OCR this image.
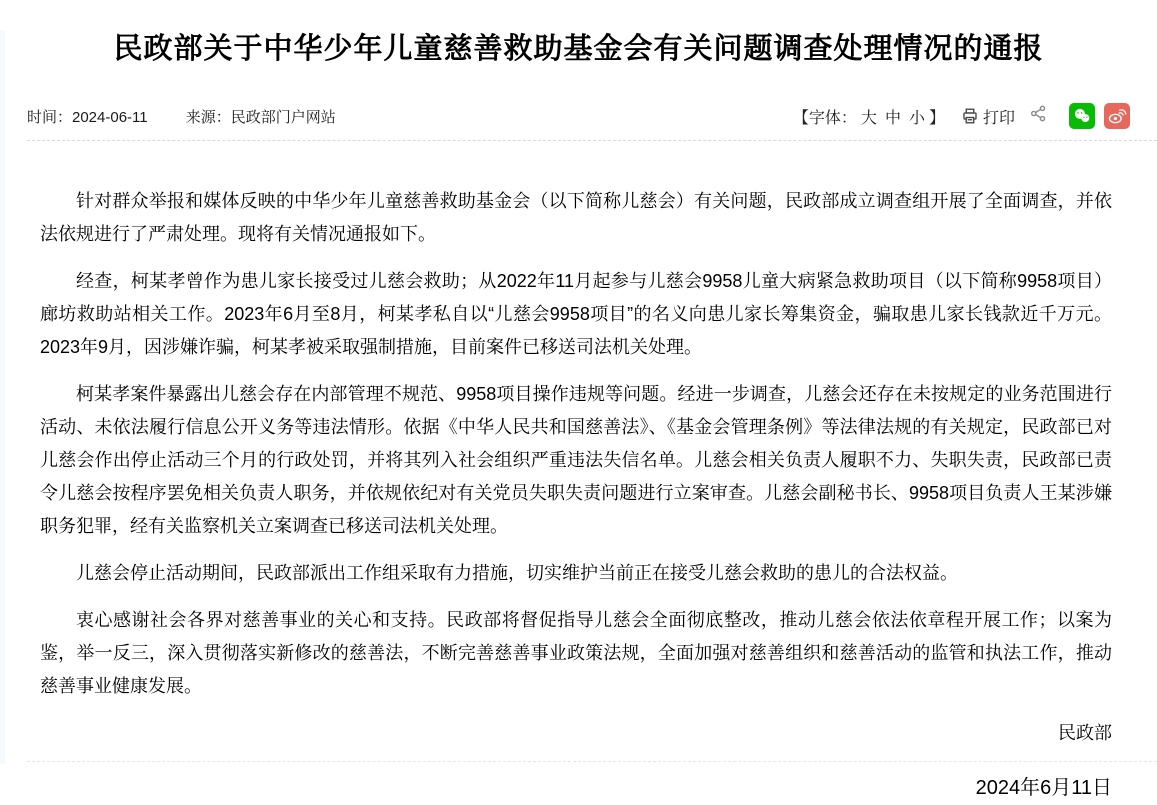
民政部关于中华少年儿童慈善救助基金会有关问题调查处理情况的通报
时间：2024-06-11	来源：民政部门户网站	【字体： 大 中 小 】 打印

针对群众举报和媒体反映的中华少年儿童慈善救助基金会（以下简称儿慈会）有关问题，民政部成立调查组开展了全面调查，并依法依规进行了严肃处理。现将有关情况通报如下。

经查，柯某孝曾作为患儿家长接受过儿慈会救助；从2022年11月起参与儿慈会9958儿童大病紧急救助项目（以下简称9958项目）廊坊救助站相关工作。2023年6月至8月，柯某孝私自以“儿慈会9958项目”的名义向患儿家长筹集资金，骗取患儿家长钱款近千万元。2023年9月，因涉嫌诈骗，柯某孝被采取强制措施，目前案件已移送司法机关处理。

柯某孝案件暴露出儿慈会存在内部管理不规范、9958项目操作违规等问题。经进一步调查，儿慈会还存在未按规定的业务范围进行活动、未依法履行信息公开义务等违法情形。依据《中华人民共和国慈善法》、《基金会管理条例》等法律法规的有关规定，民政部已对儿慈会作出停止活动三个月的行政处罚，并将其列入社会组织严重违法失信名单。儿慈会相关负责人履职不力、失职失责，民政部已责令儿慈会按程序罢免相关负责人职务，并依规依纪对有关党员失职失责问题进行立案审查。儿慈会副秘书长、9958项目负责人王某涉嫌职务犯罪，经有关监察机关立案调查已移送司法机关处理。

儿慈会停止活动期间，民政部派出工作组采取有力措施，切实维护当前正在接受儿慈会救助的患儿的合法权益。

衷心感谢社会各界对慈善事业的关心和支持。民政部将督促指导儿慈会全面彻底整改，推动儿慈会依法依章程开展工作；以案为鉴，举一反三，深入贯彻落实新修改的慈善法，不断完善慈善事业政策法规，全面加强对慈善组织和慈善活动的监管和执法工作，推动慈善事业健康发展。

民政部
2024年6月11日
